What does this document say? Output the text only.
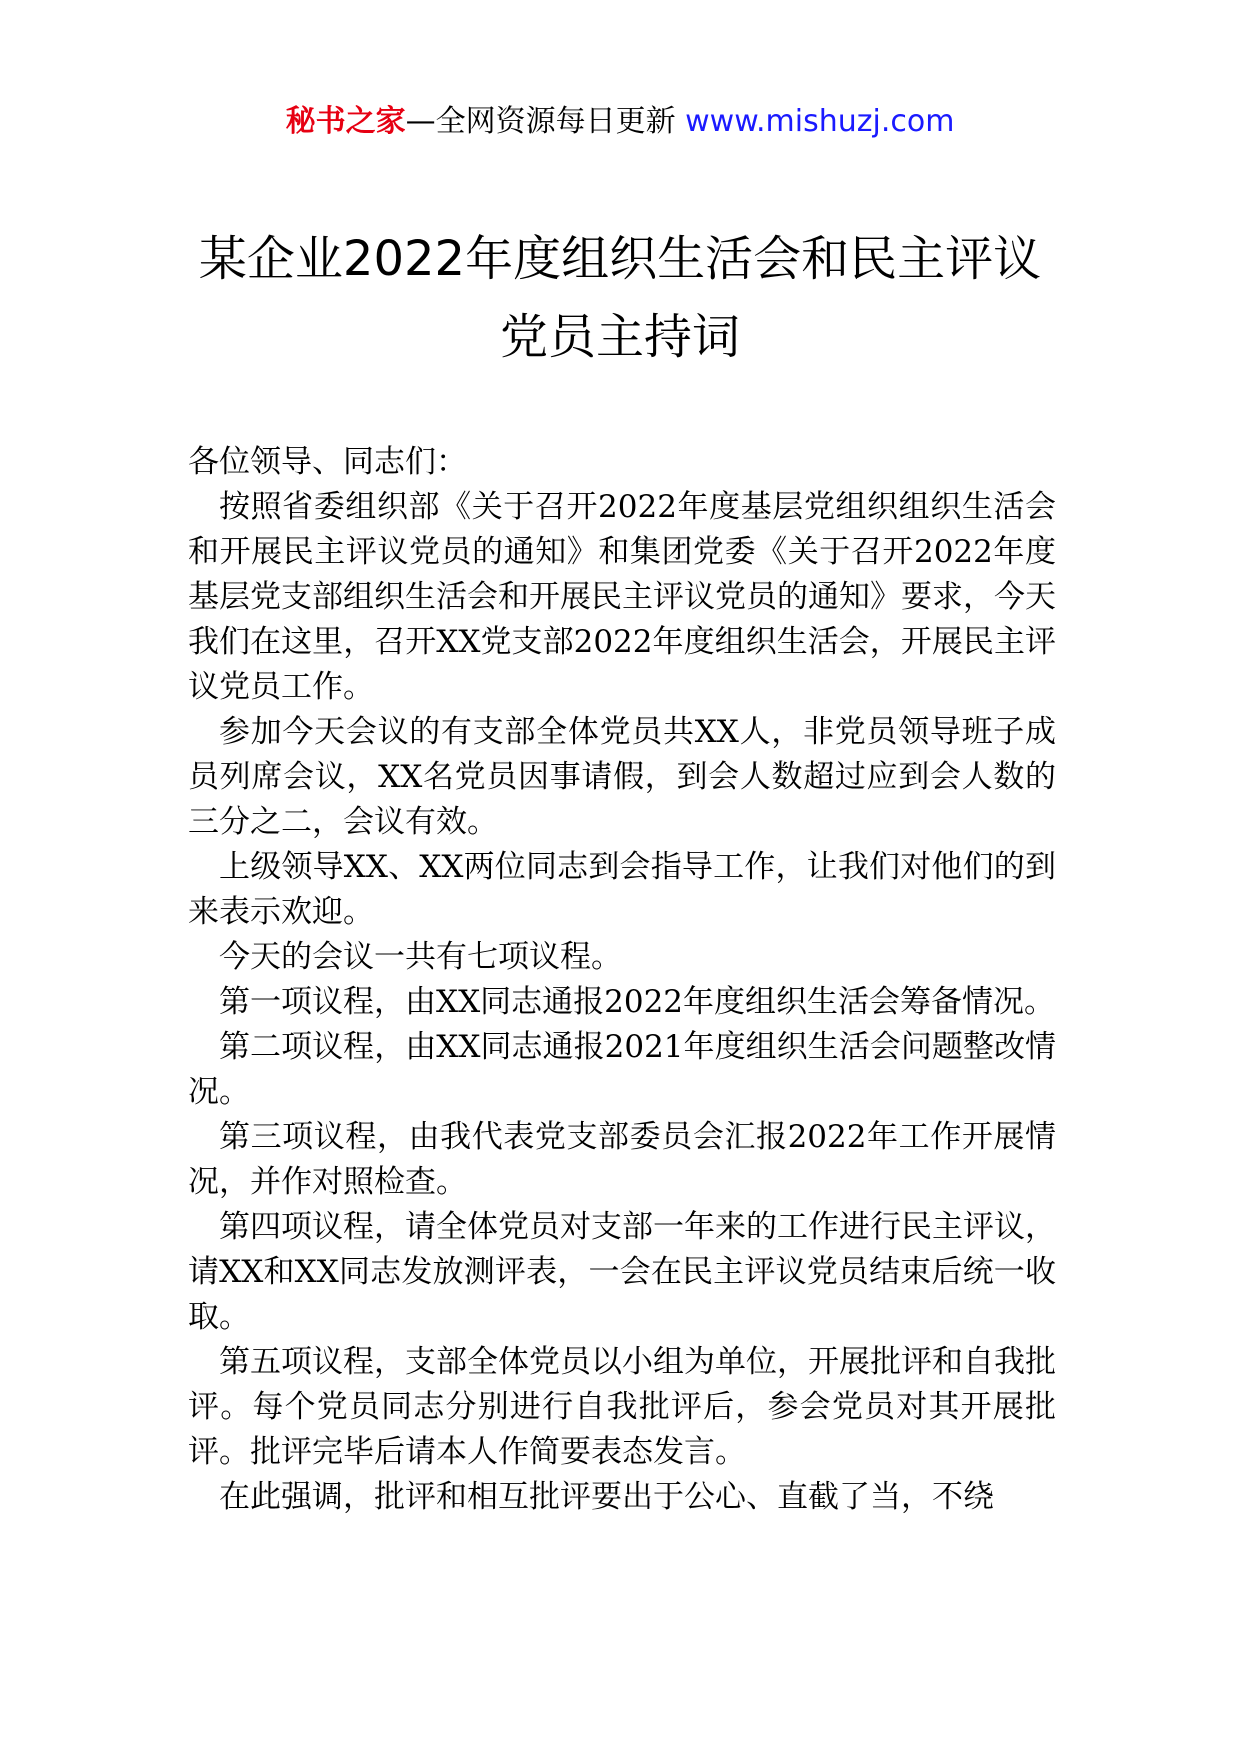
秘书之家—全网资源每日更新 www.mishuzj.com
某企业2022年度组织生活会和民主评议
党员主持词

各位领导、同志们：

按照省委组织部《关于召开2022年度基层党组织组织生活会和开展民主评议党员的通知》和集团党委《关于召开2022年度基层党支部组织生活会和开展民主评议党员的通知》要求，今天我们在这里，召开XX党支部2022年度组织生活会，开展民主评议党员工作。

参加今天会议的有支部全体党员共XX人，非党员领导班子成员列席会议，XX名党员因事请假，到会人数超过应到会人数的三分之二，会议有效。

上级领导XX、XX两位同志到会指导工作，让我们对他们的到来表示欢迎。

今天的会议一共有七项议程。

第一项议程，由XX同志通报2022年度组织生活会筹备情况。

第二项议程，由XX同志通报2021年度组织生活会问题整改情况。

第三项议程，由我代表党支部委员会汇报2022年工作开展情况，并作对照检查。

第四项议程，请全体党员对支部一年来的工作进行民主评议，请XX和XX同志发放测评表，一会在民主评议党员结束后统一收取。

第五项议程，支部全体党员以小组为单位，开展批评和自我批评。每个党员同志分别进行自我批评后，参会党员对其开展批评。批评完毕后请本人作简要表态发言。

在此强调，批评和相互批评要出于公心、直截了当，不绕
